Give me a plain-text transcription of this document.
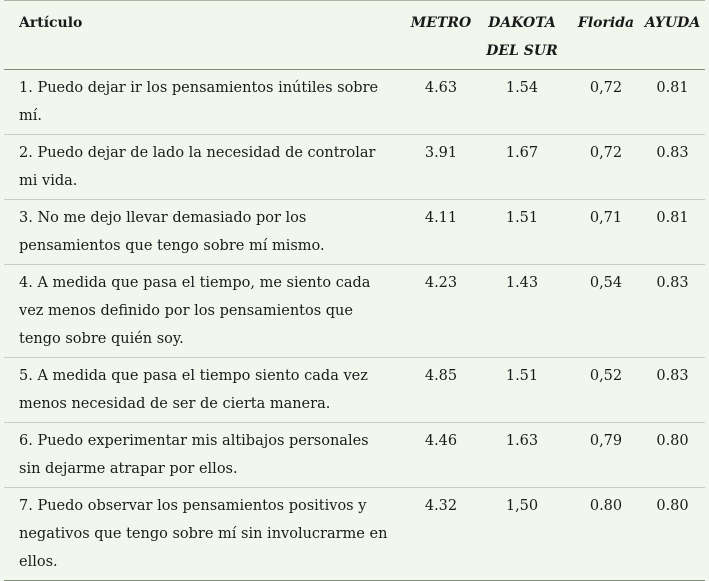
Artículo	METRO	DAKOTA DEL SUR	Florida	AYUDA
1. Puedo dejar ir los pensamientos inútiles sobre mí.	4.63	1.54	0,72	0.81
2. Puedo dejar de lado la necesidad de controlar mi vida.	3.91	1.67	0,72	0.83
3. No me dejo llevar demasiado por los pensamientos que tengo sobre mí mismo.	4.11	1.51	0,71	0.81
4. A medida que pasa el tiempo, me siento cada vez menos definido por los pensamientos que tengo sobre quién soy.	4.23	1.43	0,54	0.83
5. A medida que pasa el tiempo siento cada vez menos necesidad de ser de cierta manera.	4.85	1.51	0,52	0.83
6. Puedo experimentar mis altibajos personales sin dejarme atrapar por ellos.	4.46	1.63	0,79	0.80
7. Puedo observar los pensamientos positivos y negativos que tengo sobre mí sin involucrarme en ellos.	4.32	1,50	0.80	0.80
